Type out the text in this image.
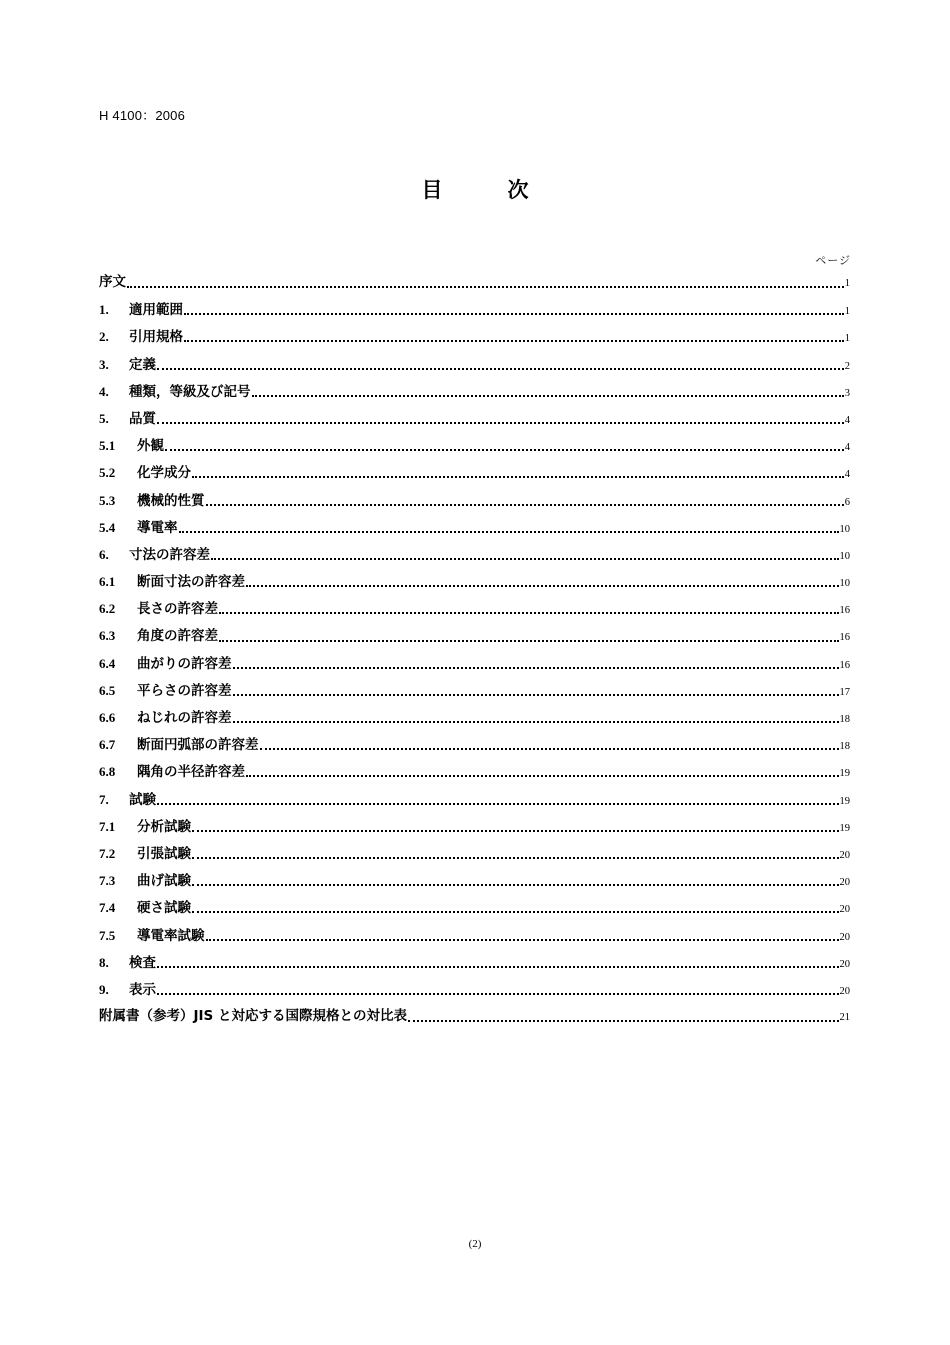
H 4100：2006
目　次
ページ
序文	1
1.	適用範囲	1
2.	引用規格	1
3.	定義	2
4.	種類，等級及び記号	3
5.	品質	4
5.1	外観	4
5.2	化学成分	4
5.3	機械的性質	6
5.4	導電率	10
6.	寸法の許容差	10
6.1	断面寸法の許容差	10
6.2	長さの許容差	16
6.3	角度の許容差	16
6.4	曲がりの許容差	16
6.5	平らさの許容差	17
6.6	ねじれの許容差	18
6.7	断面円弧部の許容差	18
6.8	隅角の半径許容差	19
7.	試験	19
7.1	分析試験	19
7.2	引張試験	20
7.3	曲げ試験	20
7.4	硬さ試験	20
7.5	導電率試験	20
8.	検査	20
9.	表示	20
附属書（参考）JIS と対応する国際規格との対比表	21
(2)
